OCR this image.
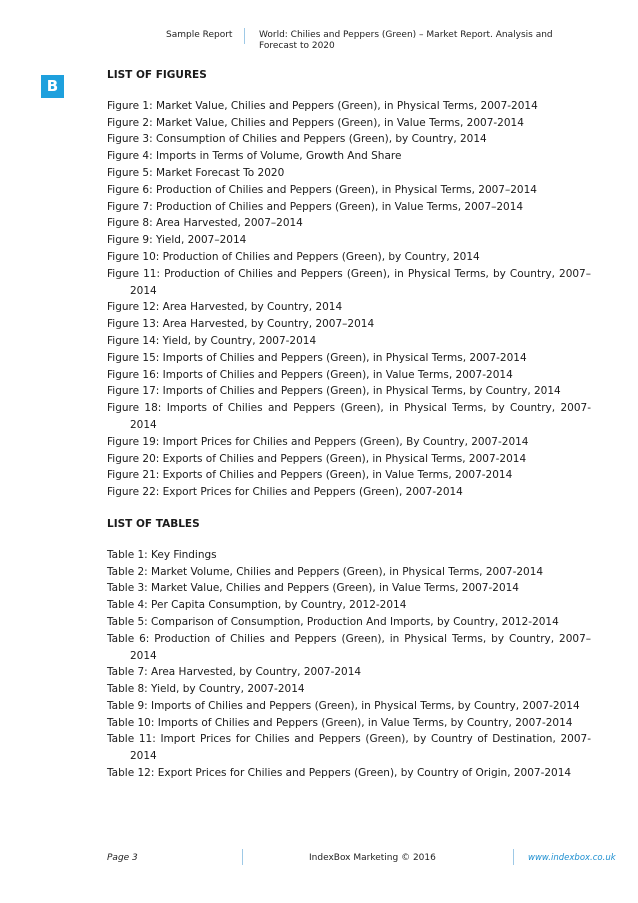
Sample Report	World: Chilies and Peppers (Green) – Market Report. Analysis and Forecast to 2020
B
LIST OF FIGURES
Figure 1: Market Value, Chilies and Peppers (Green), in Physical Terms, 2007-2014
Figure 2: Market Value, Chilies and Peppers (Green), in Value Terms, 2007-2014
Figure 3: Consumption of Chilies and Peppers (Green), by Country, 2014
Figure 4: Imports in Terms of Volume, Growth And Share
Figure 5: Market Forecast To 2020
Figure 6: Production of Chilies and Peppers (Green), in Physical Terms, 2007–2014
Figure 7: Production of Chilies and Peppers (Green), in Value Terms, 2007–2014
Figure 8: Area Harvested, 2007–2014
Figure 9: Yield, 2007–2014
Figure 10: Production of Chilies and Peppers (Green), by Country, 2014
Figure 11: Production of Chilies and Peppers (Green), in Physical Terms, by Country, 2007–2014
Figure 12: Area Harvested, by Country, 2014
Figure 13: Area Harvested, by Country, 2007–2014
Figure 14: Yield, by Country, 2007-2014
Figure 15: Imports of Chilies and Peppers (Green), in Physical Terms, 2007-2014
Figure 16: Imports of Chilies and Peppers (Green), in Value Terms, 2007-2014
Figure 17: Imports of Chilies and Peppers (Green), in Physical Terms, by Country, 2014
Figure 18: Imports of Chilies and Peppers (Green), in Physical Terms, by Country, 2007-2014
Figure 19: Import Prices for Chilies and Peppers (Green), By Country, 2007-2014
Figure 20: Exports of Chilies and Peppers (Green), in Physical Terms, 2007-2014
Figure 21: Exports of Chilies and Peppers (Green), in Value Terms, 2007-2014
Figure 22: Export Prices for Chilies and Peppers (Green), 2007-2014
LIST OF TABLES
Table 1: Key Findings
Table 2: Market Volume, Chilies and Peppers (Green), in Physical Terms, 2007-2014
Table 3: Market Value, Chilies and Peppers (Green), in Value Terms, 2007-2014
Table 4: Per Capita Consumption, by Country, 2012-2014
Table 5: Comparison of Consumption, Production And Imports, by Country, 2012-2014
Table 6: Production of Chilies and Peppers (Green), in Physical Terms, by Country, 2007–2014
Table 7: Area Harvested, by Country, 2007-2014
Table 8: Yield, by Country, 2007-2014
Table 9: Imports of Chilies and Peppers (Green), in Physical Terms, by Country, 2007-2014
Table 10: Imports of Chilies and Peppers (Green), in Value Terms, by Country, 2007-2014
Table 11: Import Prices for Chilies and Peppers (Green), by Country of Destination, 2007-2014
Table 12: Export Prices for Chilies and Peppers (Green), by Country of Origin, 2007-2014
Page 3	IndexBox Marketing © 2016	www.indexbox.co.uk
